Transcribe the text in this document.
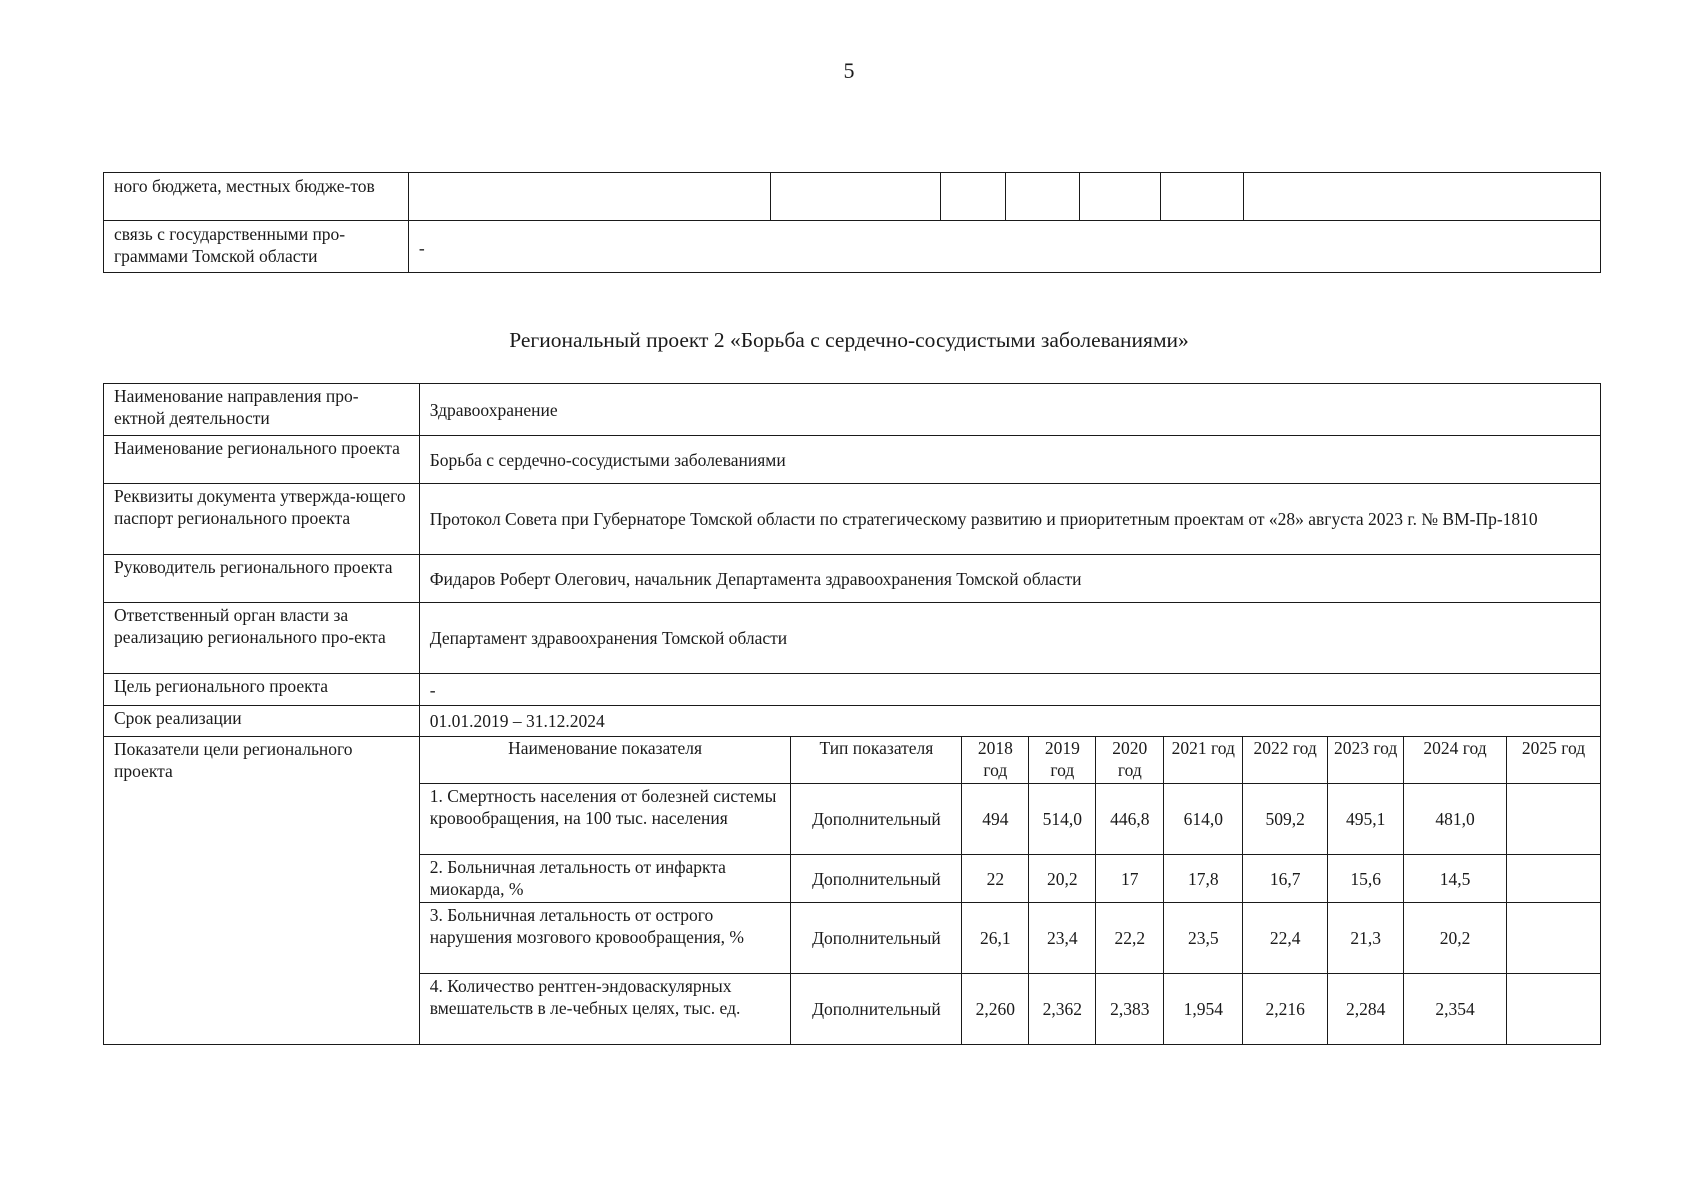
5
ного бюджета, местных бюдже-тов							
связь с государственными про-граммами Томской области	-						
Региональный проект 2 «Борьба с сердечно-сосудистыми заболеваниями»
Наименование направления про-ектной деятельности	Здравоохранение									
Наименование регионального проекта	Борьба с сердечно-сосудистыми заболеваниями									
Реквизиты документа утвержда-ющего паспорт регионального проекта	Протокол Совета при Губернаторе Томской области по стратегическому развитию и приоритетным проектам от «28» августа 2023 г. № ВМ-Пр-1810									
Руководитель регионального проекта	Фидаров Роберт Олегович, начальник Департамента здравоохранения Томской области									
Ответственный орган власти за реализацию регионального про-екта	Департамент здравоохранения Томской области									
Цель регионального проекта	-									
Срок реализации	01.01.2019 – 31.12.2024									
Показатели цели регионального проекта	Наименование показателя	Тип показателя	2018 год	2019 год	2020 год	2021 год	2022 год	2023 год	2024 год	2025 год
	1. Смертность населения от болезней системы кровообращения, на 100 тыс. населения	Дополнительный	494	514,0	446,8	614,0	509,2	495,1	481,0	
	2. Больничная летальность от инфаркта миокарда, %	Дополнительный	22	20,2	17	17,8	16,7	15,6	14,5	
	3. Больничная летальность от острого нарушения мозгового кровообращения, %	Дополнительный	26,1	23,4	22,2	23,5	22,4	21,3	20,2	
	4. Количество рентген-эндоваскулярных вмешательств в ле-чебных целях, тыс. ед.	Дополнительный	2,260	2,362	2,383	1,954	2,216	2,284	2,354	
